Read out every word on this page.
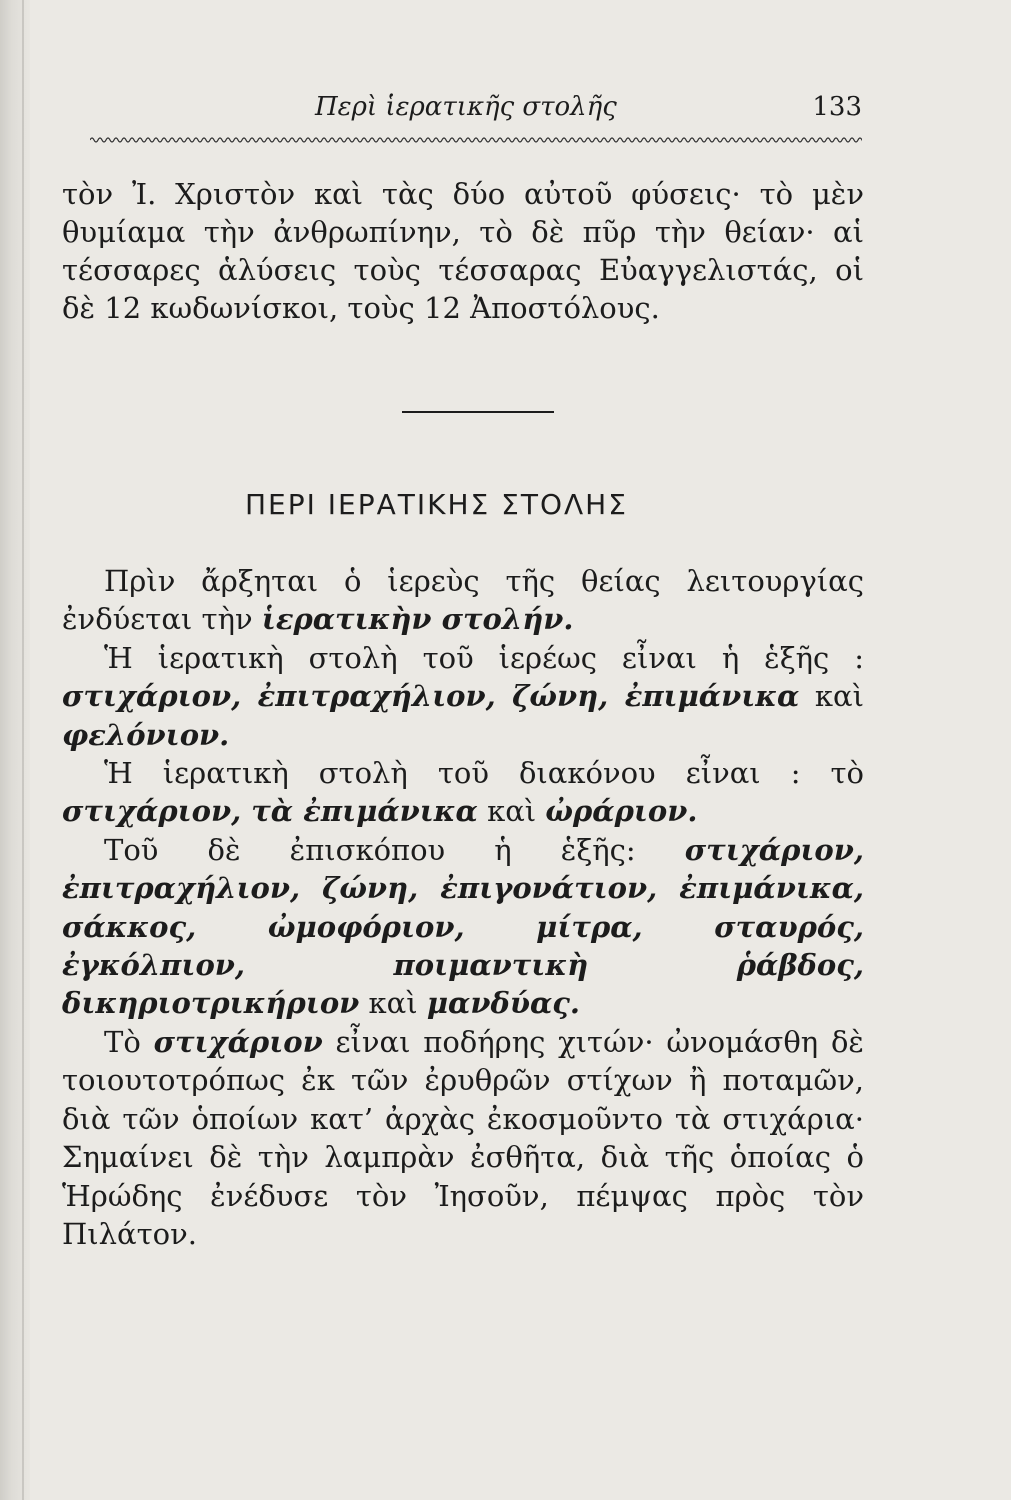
Περὶ ἱερατικῆς στολῆς	133

τὸν Ἰ. Χριστὸν καὶ τὰς δύο αὐτοῦ φύσεις· τὸ μὲν θυμίαμα τὴν ἀνθρωπίνην, τὸ δὲ πῦρ τὴν θείαν· αἱ τέσσαρες ἁλύσεις τοὺς τέσσαρας Εὐαγγελιστάς, οἱ δὲ 12 κωδωνίσκοι, τοὺς 12 Ἀποστόλους.

ΠΕΡΙ ΙΕΡΑΤΙΚΗΣ ΣΤΟΛΗΣ

Πρὶν ἄρξηται ὁ ἱερεὺς τῆς θείας λειτουργίας ἐνδύεται τὴν ἱερατικὴν στολήν.

Ἡ ἱερατικὴ στολὴ τοῦ ἱερέως εἶναι ἡ ἑξῆς : στιχάριον, ἐπιτραχήλιον, ζώνη, ἐπιμάνικα καὶ φελόνιον.

Ἡ ἱερατικὴ στολὴ τοῦ διακόνου εἶναι : τὸ στιχάριον, τὰ ἐπιμάνικα καὶ ὠράριον.

Τοῦ δὲ ἐπισκόπου ἡ ἑξῆς: στιχάριον, ἐπιτραχήλιον, ζώνη, ἐπιγονάτιον, ἐπιμάνικα, σάκκος, ὠμοφόριον, μίτρα, σταυρός, ἐγκόλπιον, ποιμαντικὴ ῥάβδος, δικηριοτρικήριον καὶ μανδύας.

Τὸ στιχάριον εἶναι ποδήρης χιτών· ὠνομάσθη δὲ τοιουτοτρόπως ἐκ τῶν ἐρυθρῶν στίχων ἢ ποταμῶν, διὰ τῶν ὁποίων κατ’ ἀρχὰς ἐκοσμοῦντο τὰ στιχάρια· Σημαίνει δὲ τὴν λαμπρὰν ἐσθῆτα, διὰ τῆς ὁποίας ὁ Ἡρώδης ἐνέδυσε τὸν Ἰησοῦν, πέμψας πρὸς τὸν Πιλάτον.
